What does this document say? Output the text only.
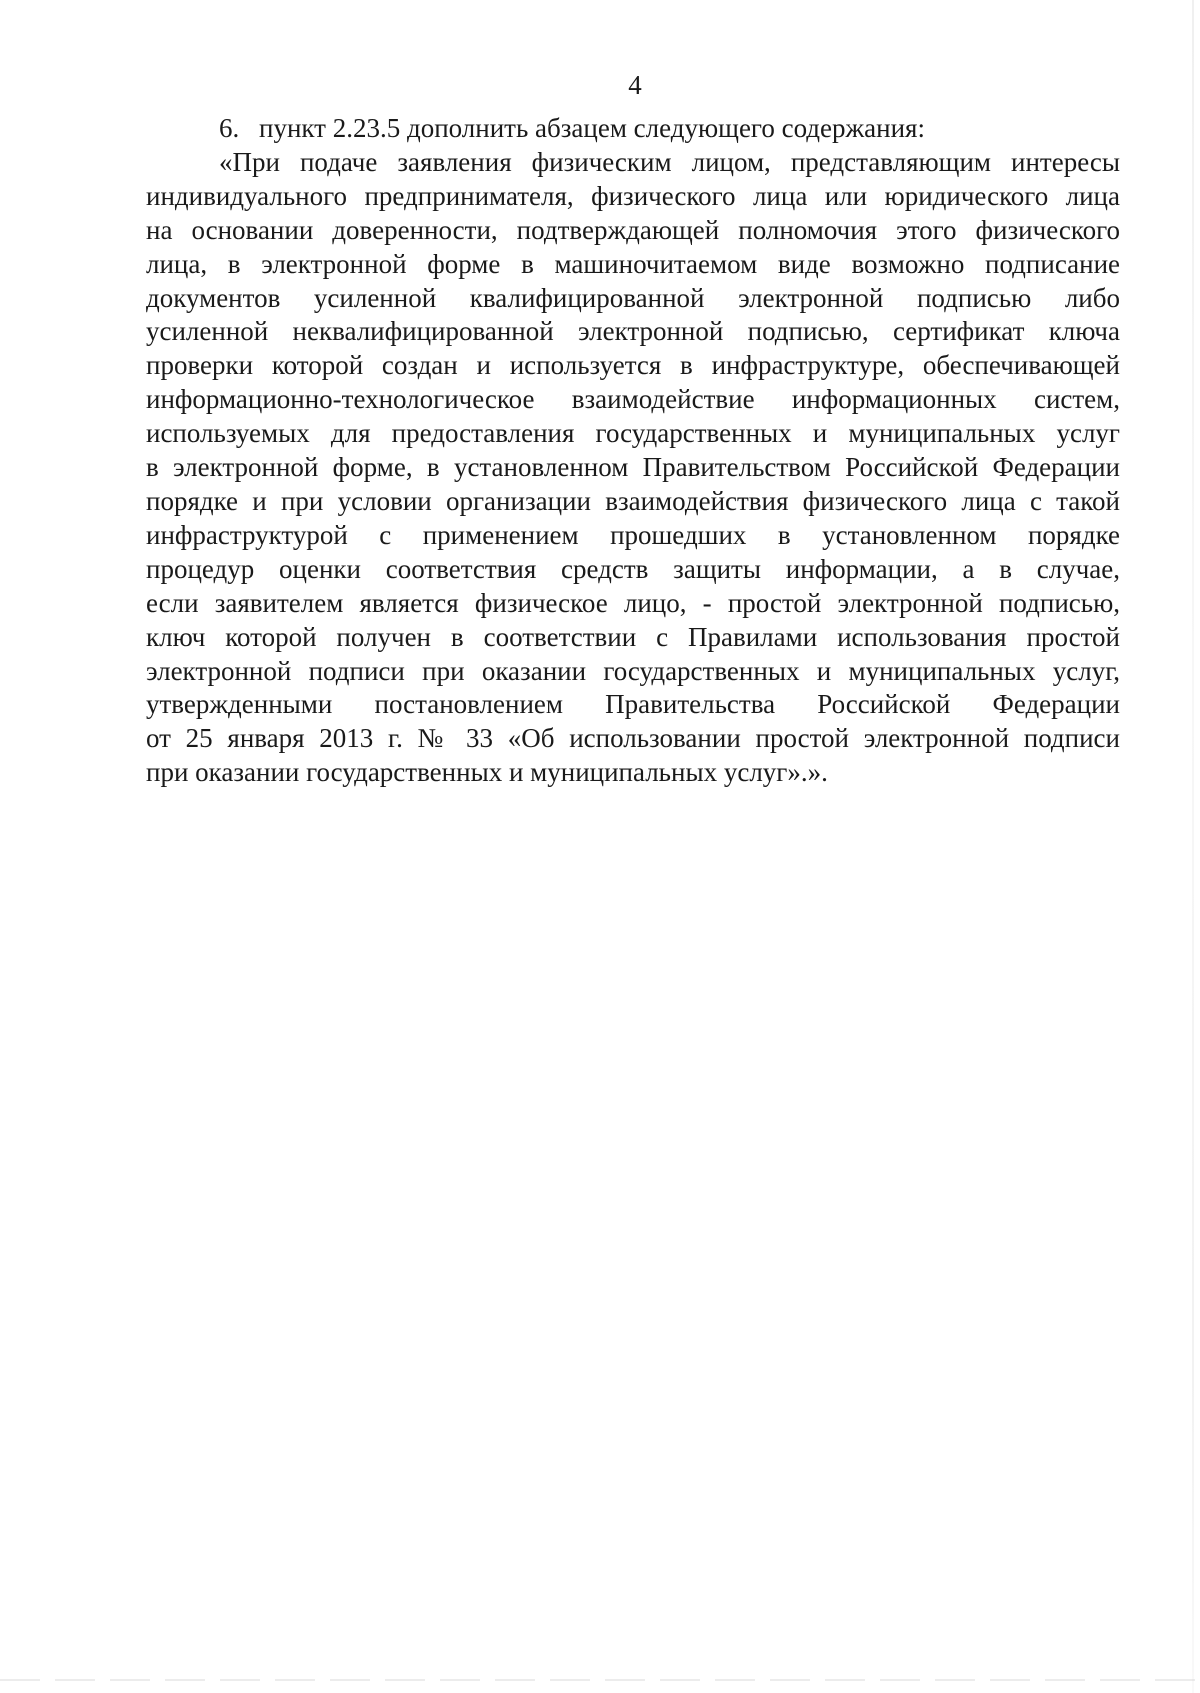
4

6. пункт 2.23.5 дополнить абзацем следующего содержания:

«При подаче заявления физическим лицом, представляющим интересы
индивидуального предпринимателя, физического лица или юридического лица
на основании доверенности, подтверждающей полномочия этого физического
лица, в электронной форме в машиночитаемом виде возможно подписание
документов усиленной квалифицированной электронной подписью либо
усиленной неквалифицированной электронной подписью, сертификат ключа
проверки которой создан и используется в инфраструктуре, обеспечивающей
информационно-технологическое взаимодействие информационных систем,
используемых для предоставления государственных и муниципальных услуг
в электронной форме, в установленном Правительством Российской Федерации
порядке и при условии организации взаимодействия физического лица с такой
инфраструктурой с применением прошедших в установленном порядке
процедур оценки соответствия средств защиты информации, а в случае,
если заявителем является физическое лицо, - простой электронной подписью,
ключ которой получен в соответствии с Правилами использования простой
электронной подписи при оказании государственных и муниципальных услуг,
утвержденными постановлением Правительства Российской Федерации
от 25 января 2013 г. № 33 «Об использовании простой электронной подписи
при оказании государственных и муниципальных услуг».».
